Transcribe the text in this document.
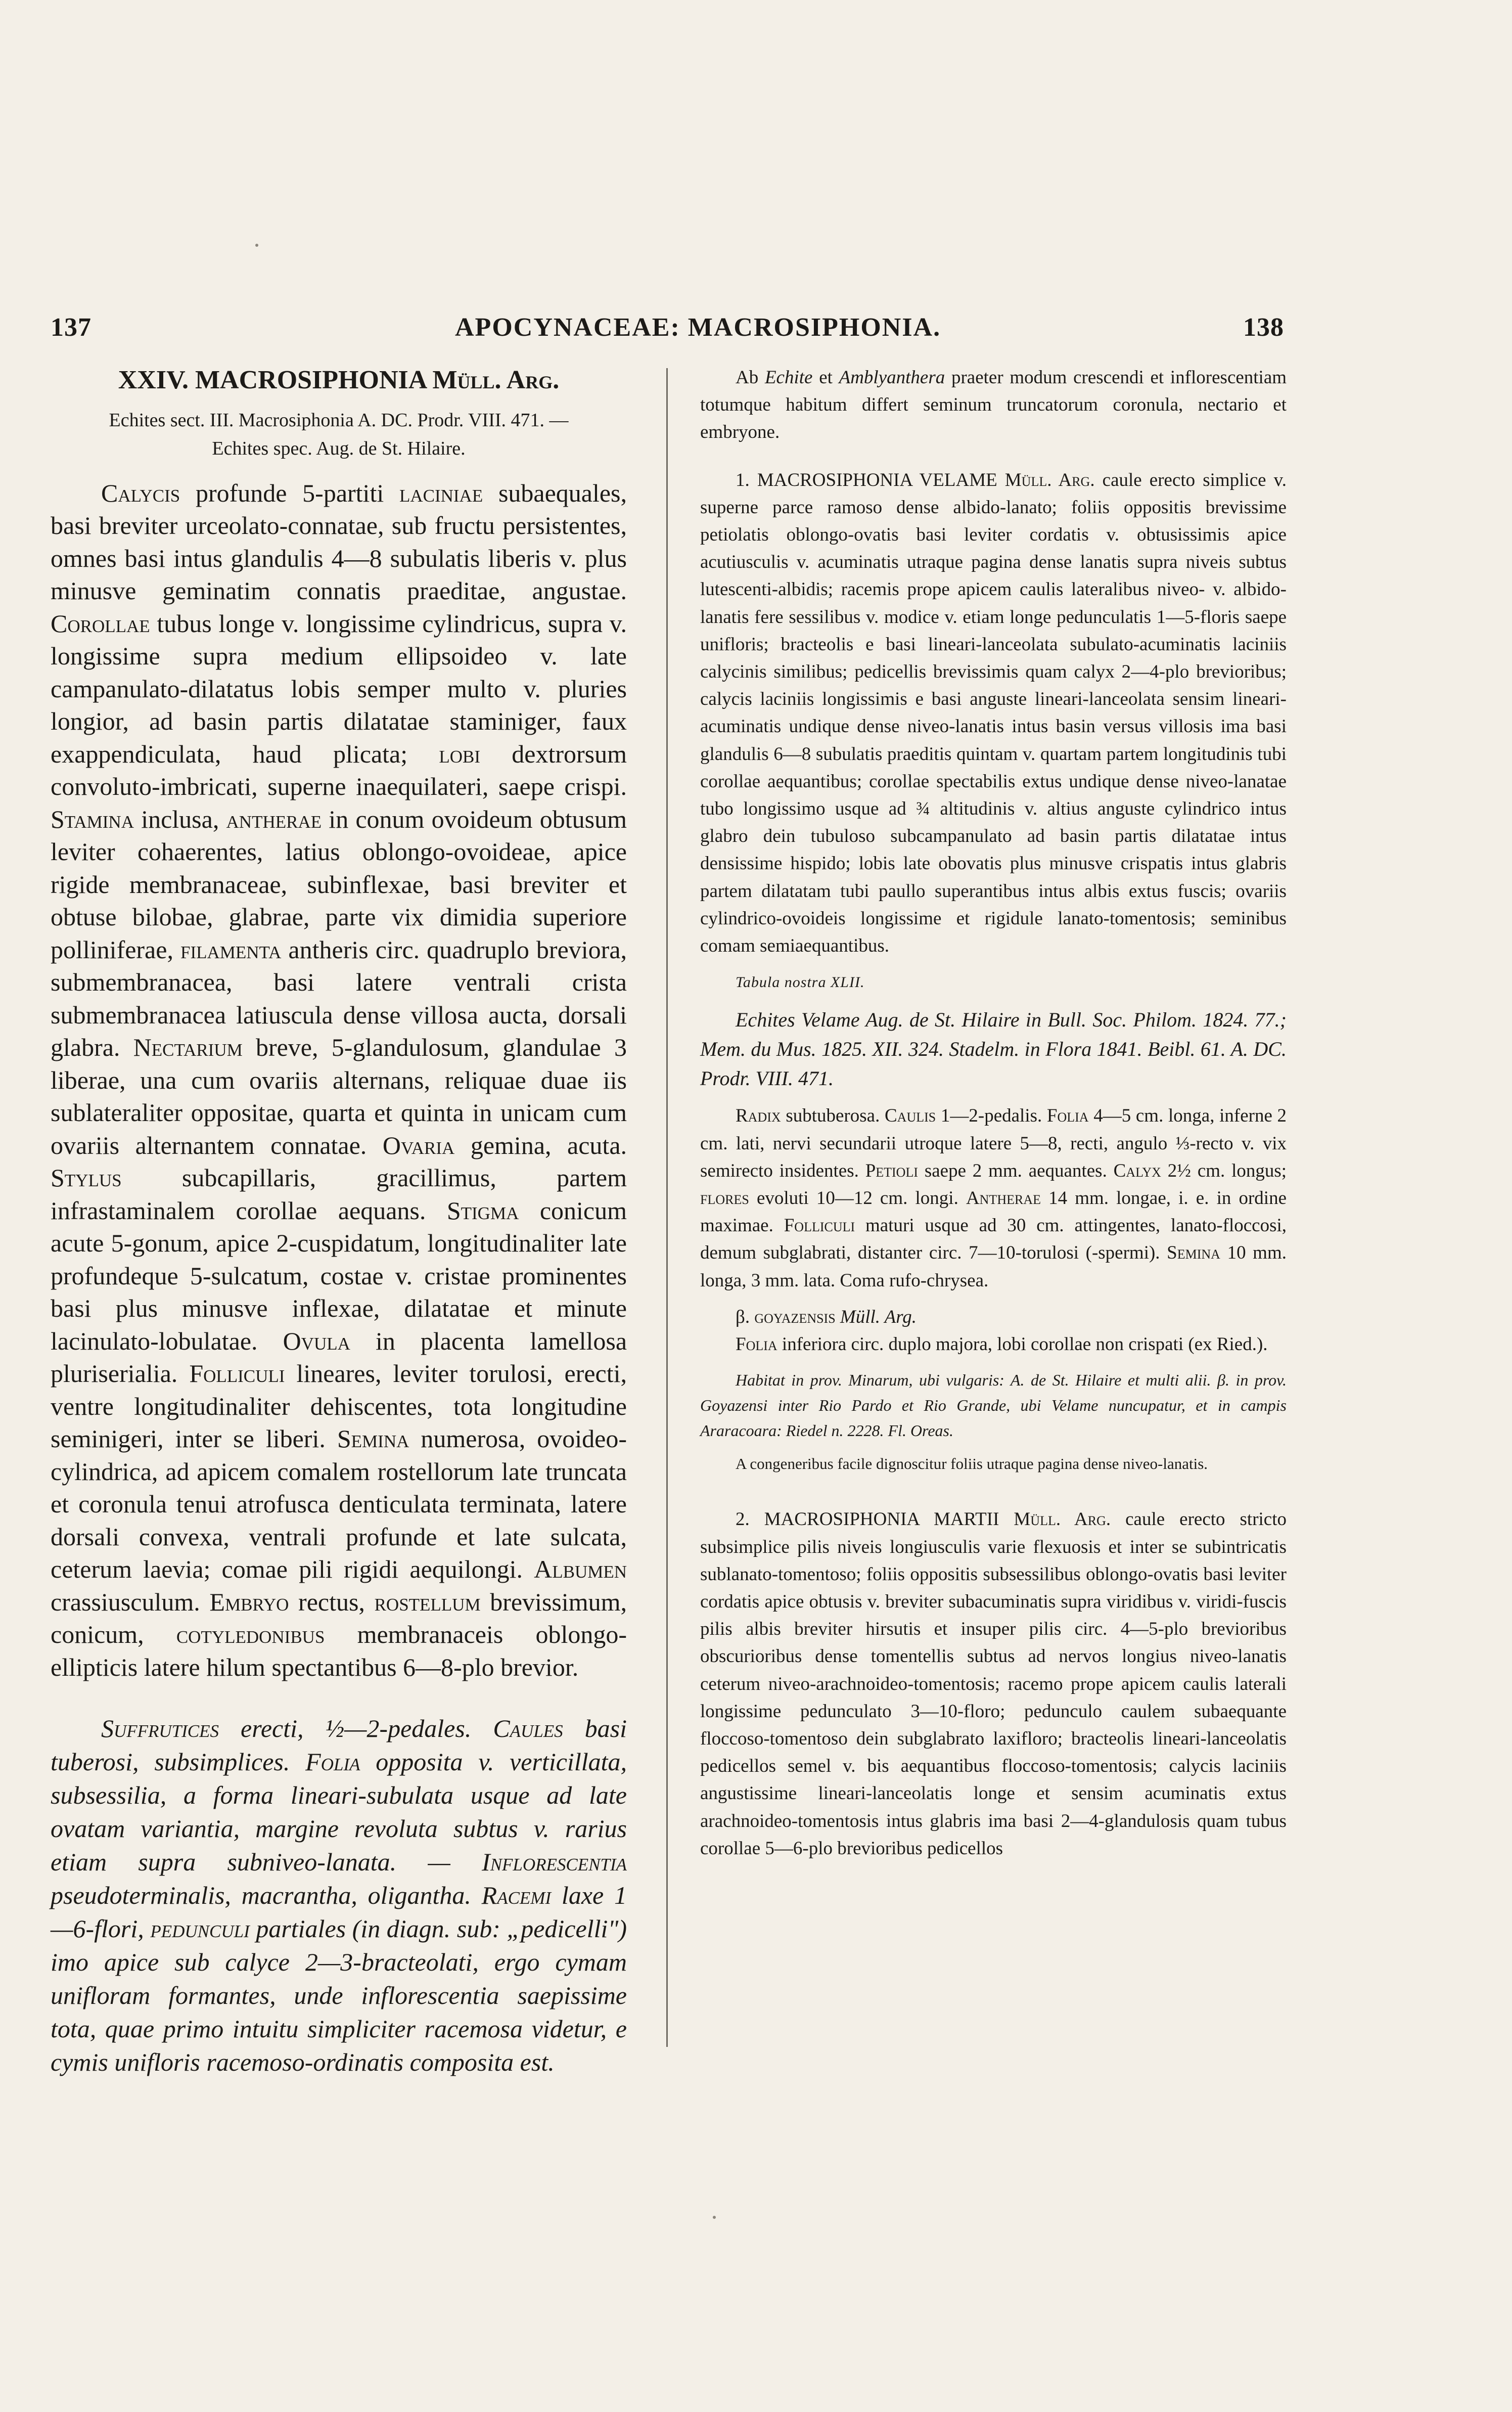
137	APOCYNACEAE: MACROSIPHONIA.	138
XXIV. MACROSIPHONIA Müll. Arg.
Echites sect. III. Macrosiphonia A. DC. Prodr. VIII. 471. —
Echites spec. Aug. de St. Hilaire.

Calycis profunde 5-partiti laciniae subaequales, basi breviter urceolato-connatae, sub fructu persistentes, omnes basi intus glandulis 4—8 subulatis liberis v. plus minusve geminatim connatis praeditae, angustae. Corollae tubus longe v. longissime cylindricus, supra v. longissime supra medium ellipsoideo v. late campanulato-dilatatus lobis semper multo v. pluries longior, ad basin partis dilatatae staminiger, faux exappendiculata, haud plicata; lobi dextrorsum convoluto-imbricati, superne inaequilateri, saepe crispi. Stamina inclusa, antherae in conum ovoideum obtusum leviter cohaerentes, latius oblongo-ovoideae, apice rigide membranaceae, subinflexae, basi breviter et obtuse bilobae, glabrae, parte vix dimidia superiore polliniferae, filamenta antheris circ. quadruplo breviora, submembranacea, basi latere ventrali crista submembranacea latiuscula dense villosa aucta, dorsali glabra. Nectarium breve, 5-glandulosum, glandulae 3 liberae, una cum ovariis alternans, reliquae duae iis sublateraliter oppositae, quarta et quinta in unicam cum ovariis alternantem connatae. Ovaria gemina, acuta. Stylus subcapillaris, gracillimus, partem infrastaminalem corollae aequans. Stigma conicum acute 5-gonum, apice 2-cuspidatum, longitudinaliter late profundeque 5-sulcatum, costae v. cristae prominentes basi plus minusve inflexae, dilatatae et minute lacinulato-lobulatae. Ovula in placenta lamellosa pluriserialia. Folliculi lineares, leviter torulosi, erecti, ventre longitudinaliter dehiscentes, tota longitudine seminigeri, inter se liberi. Semina numerosa, ovoideo-cylindrica, ad apicem comalem rostellorum late truncata et coronula tenui atrofusca denticulata terminata, latere dorsali convexa, ventrali profunde et late sulcata, ceterum laevia; comae pili rigidi aequilongi. Albumen crassiusculum. Embryo rectus, rostellum brevissimum, conicum, cotyledonibus membranaceis oblongo-ellipticis latere hilum spectantibus 6—8-plo brevior.

Suffrutices erecti, ½—2-pedales. Caules basi tuberosi, subsimplices. Folia opposita v. verticillata, subsessilia, a forma lineari-subulata usque ad late ovatam variantia, margine revoluta subtus v. rarius etiam supra subniveo-lanata. — Inflorescentia pseudoterminalis, macrantha, oligantha. Racemi laxe 1—6-flori, pedunculi partiales (in diagn. sub: „pedicelli") imo apice sub calyce 2—3-bracteolati, ergo cymam unifloram formantes, unde inflorescentia saepissime tota, quae primo intuitu simpliciter racemosa videtur, e cymis unifloris racemoso-ordinatis composita est.

Ab Echite et Amblyanthera praeter modum crescendi et inflorescentiam totumque habitum differt seminum truncatorum coronula, nectario et embryone.

1. MACROSIPHONIA VELAME Müll. Arg. caule erecto simplice v. superne parce ramoso dense albido-lanato; foliis oppositis brevissime petiolatis oblongo-ovatis basi leviter cordatis v. obtusissimis apice acutiusculis v. acuminatis utraque pagina dense lanatis supra niveis subtus lutescenti-albidis; racemis prope apicem caulis lateralibus niveo- v. albido-lanatis fere sessilibus v. modice v. etiam longe pedunculatis 1—5-floris saepe unifloris; bracteolis e basi lineari-lanceolata subulato-acuminatis laciniis calycinis similibus; pedicellis brevissimis quam calyx 2—4-plo brevioribus; calycis laciniis longissimis e basi anguste lineari-lanceolata sensim lineari-acuminatis undique dense niveo-lanatis intus basin versus villosis ima basi glandulis 6—8 subulatis praeditis quintam v. quartam partem longitudinis tubi corollae aequantibus; corollae spectabilis extus undique dense niveo-lanatae tubo longissimo usque ad ¾ altitudinis v. altius anguste cylindrico intus glabro dein tubuloso subcampanulato ad basin partis dilatatae intus densissime hispido; lobis late obovatis plus minusve crispatis intus glabris partem dilatatam tubi paullo superantibus intus albis extus fuscis; ovariis cylindrico-ovoideis longissime et rigidule lanato-tomentosis; seminibus comam semiaequantibus.

Tabula nostra XLII.

Echites Velame Aug. de St. Hilaire in Bull. Soc. Philom. 1824. 77.; Mem. du Mus. 1825. XII. 324. Stadelm. in Flora 1841. Beibl. 61. A. DC. Prodr. VIII. 471.

Radix subtuberosa. Caulis 1—2-pedalis. Folia 4—5 cm. longa, inferne 2 cm. lati, nervi secundarii utroque latere 5—8, recti, angulo ⅓-recto v. vix semirecto insidentes. Petioli saepe 2 mm. aequantes. Calyx 2½ cm. longus; flores evoluti 10—12 cm. longi. Antherae 14 mm. longae, i. e. in ordine maximae. Folliculi maturi usque ad 30 cm. attingentes, lanato-floccosi, demum subglabrati, distanter circ. 7—10-torulosi (-spermi). Semina 10 mm. longa, 3 mm. lata. Coma rufo-chrysea.

β. goyazensis Müll. Arg.

Folia inferiora circ. duplo majora, lobi corollae non crispati (ex Ried.).

Habitat in prov. Minarum, ubi vulgaris: A. de St. Hilaire et multi alii. β. in prov. Goyazensi inter Rio Pardo et Rio Grande, ubi Velame nuncupatur, et in campis Araracoara: Riedel n. 2228. Fl. Oreas.

A congeneribus facile dignoscitur foliis utraque pagina dense niveo-lanatis.

2. MACROSIPHONIA MARTII Müll. Arg. caule erecto stricto subsimplice pilis niveis longiusculis varie flexuosis et inter se subintricatis sublanato-tomentoso; foliis oppositis subsessilibus oblongo-ovatis basi leviter cordatis apice obtusis v. breviter subacuminatis supra viridibus v. viridi-fuscis pilis albis breviter hirsutis et insuper pilis circ. 4—5-plo brevioribus obscurioribus dense tomentellis subtus ad nervos longius niveo-lanatis ceterum niveo-arachnoideo-tomentosis; racemo prope apicem caulis laterali longissime pedunculato 3—10-floro; pedunculo caulem subaequante floccoso-tomentoso dein subglabrato laxifloro; bracteolis lineari-lanceolatis pedicellos semel v. bis aequantibus floccoso-tomentosis; calycis laciniis angustissime lineari-lanceolatis longe et sensim acuminatis extus arachnoideo-tomentosis intus glabris ima basi 2—4-glandulosis quam tubus corollae 5—6-plo brevioribus pedicellos
